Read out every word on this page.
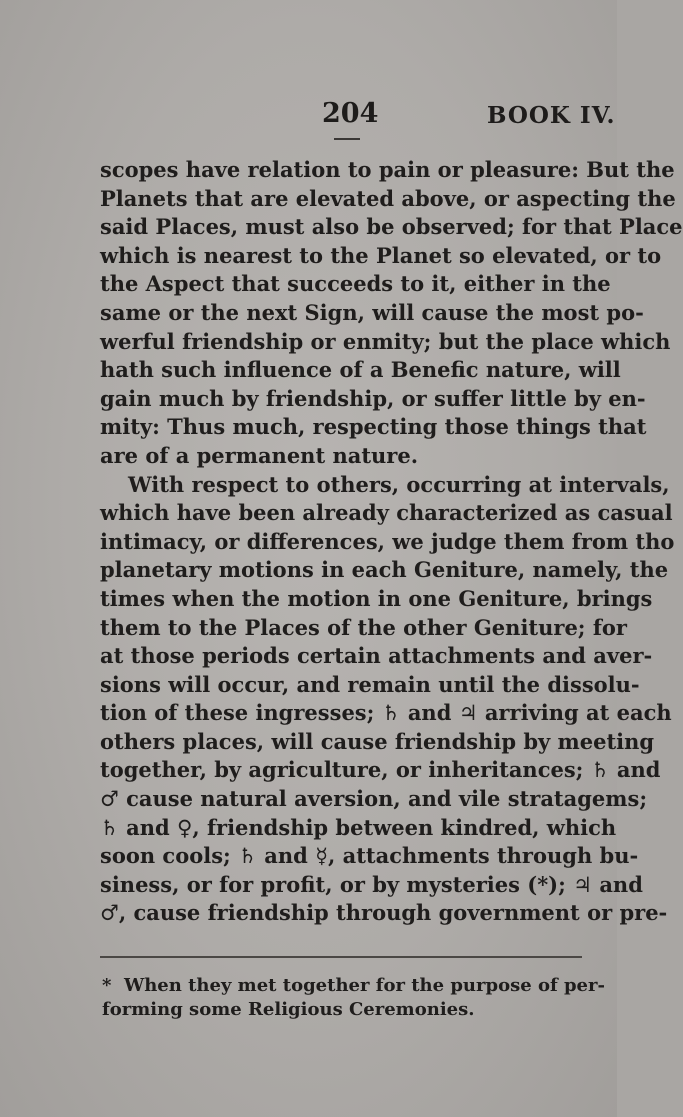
204	BOOK IV.
scopes have relation to pain or pleasure: But the
Planets that are elevated above, or aspecting the
said Places, must also be observed; for that Place
which is nearest to the Planet so elevated, or to
the Aspect that succeeds to it, either in the
same or the next Sign, will cause the most po-
werful friendship or enmity; but the place which
hath such influence of a Benefic nature, will
gain much by friendship, or suffer little by en-
mity: Thus much, respecting those things that
are of a permanent nature.
With respect to others, occurring at intervals,
which have been already characterized as casual
intimacy, or differences, we judge them from tho
planetary motions in each Geniture, namely, the
times when the motion in one Geniture, brings
them to the Places of the other Geniture; for
at those periods certain attachments and aver-
sions will occur, and remain until the dissolu-
tion of these ingresses; ♄ and ♃ arriving at each
others places, will cause friendship by meeting
together, by agriculture, or inheritances; ♄ and
♂ cause natural aversion, and vile stratagems;
♄ and ♀, friendship between kindred, which
soon cools; ♄ and ☿, attachments through bu-
siness, or for profit, or by mysteries (*); ♃ and
♂, cause friendship through government or pre-
* When they met together for the purpose of per-
forming some Religious Ceremonies.
